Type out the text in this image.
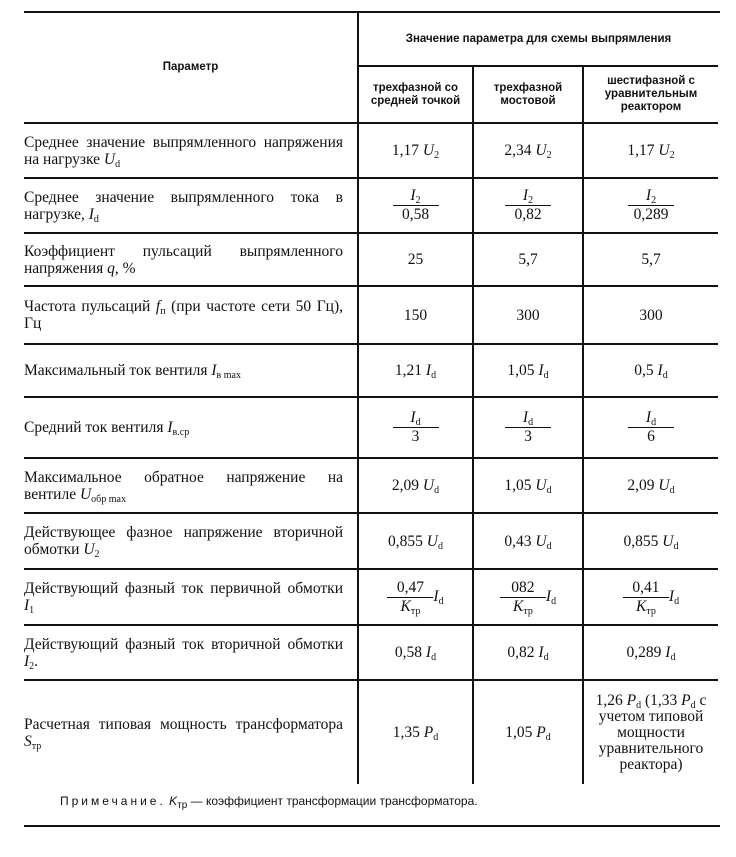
Параметр	Значение параметра для схемы выпрямления		
	трехфазной со средней точкой	трехфазной мостовой	шестифазной с уравнительным реактором
Среднее значение выпрямленного напряжения на нагрузке $U_d$	1,17 $U_2$	2,34 $U_2$	1,17 $U_2$
Среднее значение выпрямленного тока в нагрузке, $I_d$	$\frac{I_2}{0,58}$	$\frac{I_2}{0,82}$	$\frac{I_2}{0,289}$

Коэффициент пульсаций выпрямленного напряжения q, %	25	5,7	5,7
Частота пульсаций $f_п$ (при частоте сети 50 Гц), Гц	150	300	300
Максимальный ток вентиля $I_{в max}$	1,21 $I_d$	1,05 $I_d$	0,5 $I_d$
Средний ток вентиля $I_{в.ср}$	$\frac{I_d}{3}$	$\frac{I_d}{3}$	$\frac{I_d}{6}$

Максимальное обратное напряжение на вентиле $U_{обр max}$	2,09 $U_d$	1,05 $U_d$	2,09 $U_d$
Действующее фазное напряжение вторичной обмотки $U_2$	0,855 $U_d$	0,43 $U_d$	0,855 $U_d$
Действующий фазный ток первичной обмотки $I_1$	$\frac{0,47}{K_{тр}} I_d$	$\frac{082}{K_{тр}} I_d$	$\frac{0,41}{K_{тр}} I_d$
Действующий фазный ток вторичной обмотки $I_2$.	0,58 $I_d$	0,82 $I_d$	0,289 $I_d$
Расчетная типовая мощность трансформатора $S_{тр}$	1,35 $P_d$	1,05 $P_d$	1,26 $P_d$ (1,33 $P_d$ с учетом типовой мощности уравнительного реактора)
Примечание. $K_{тр}$ — коэффициент трансформации трансформатора.
